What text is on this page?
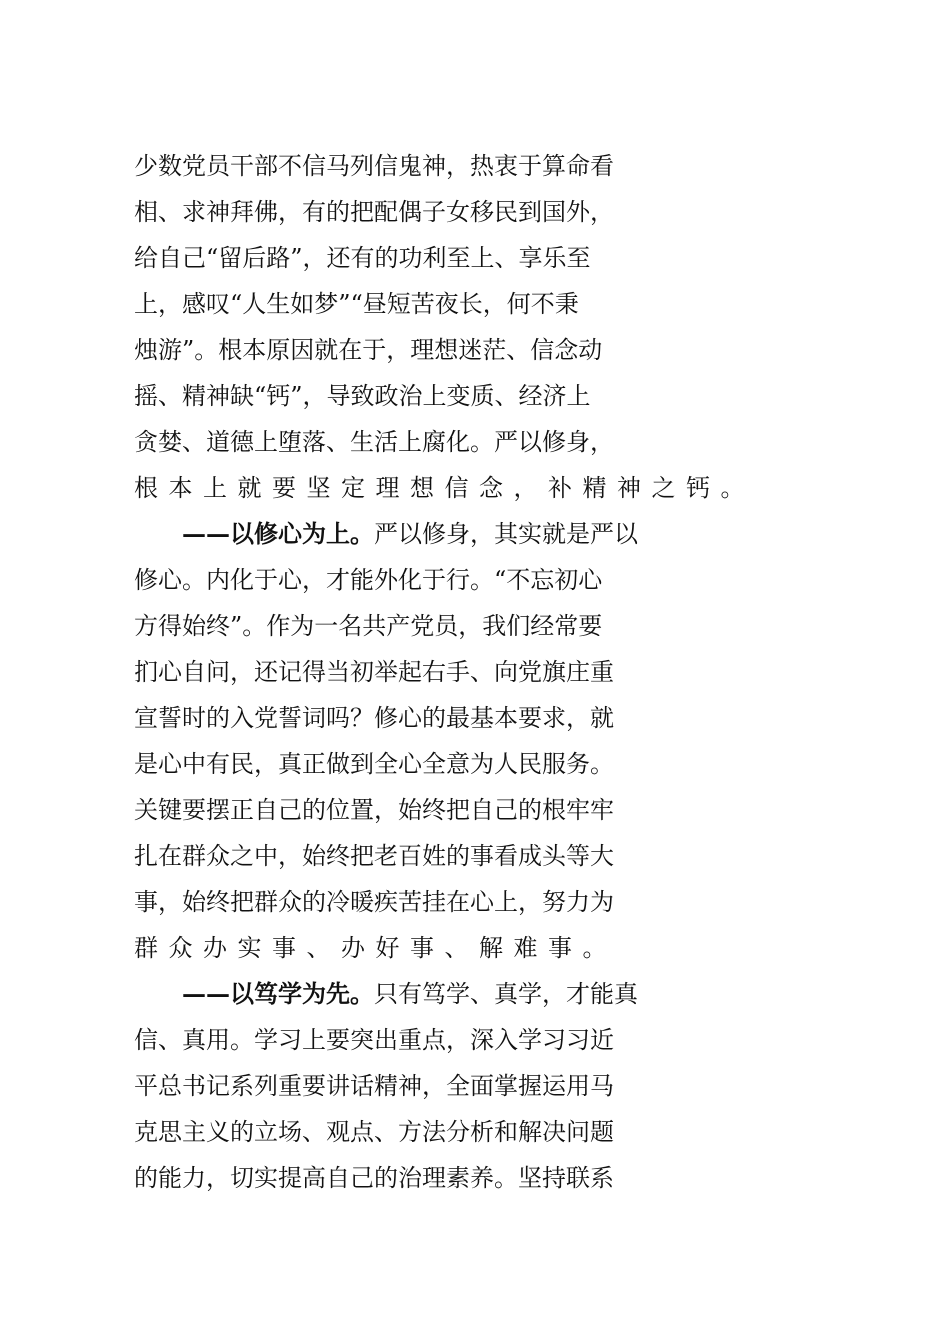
少数党员干部不信马列信鬼神，热衷于算命看
相、求神拜佛，有的把配偶子女移民到国外，
给自己“留后路”，还有的功利至上、享乐至
上，感叹“人生如梦”“昼短苦夜长，何不秉
烛游”。根本原因就在于，理想迷茫、信念动
摇、精神缺“钙”，导致政治上变质、经济上
贪婪、道德上堕落、生活上腐化。严以修身，
根本上就要坚定理想信念，补精神之钙。
——以修心为上。严以修身，其实就是严以
修心。内化于心，才能外化于行。“不忘初心
方得始终”。作为一名共产党员，我们经常要
扪心自问，还记得当初举起右手、向党旗庄重
宣誓时的入党誓词吗？修心的最基本要求，就
是心中有民，真正做到全心全意为人民服务。
关键要摆正自己的位置，始终把自己的根牢牢
扎在群众之中，始终把老百姓的事看成头等大
事，始终把群众的冷暖疾苦挂在心上，努力为
群众办实事、办好事、解难事。
——以笃学为先。只有笃学、真学，才能真
信、真用。学习上要突出重点，深入学习习近
平总书记系列重要讲话精神，全面掌握运用马
克思主义的立场、观点、方法分析和解决问题
的能力，切实提高自己的治理素养。坚持联系
